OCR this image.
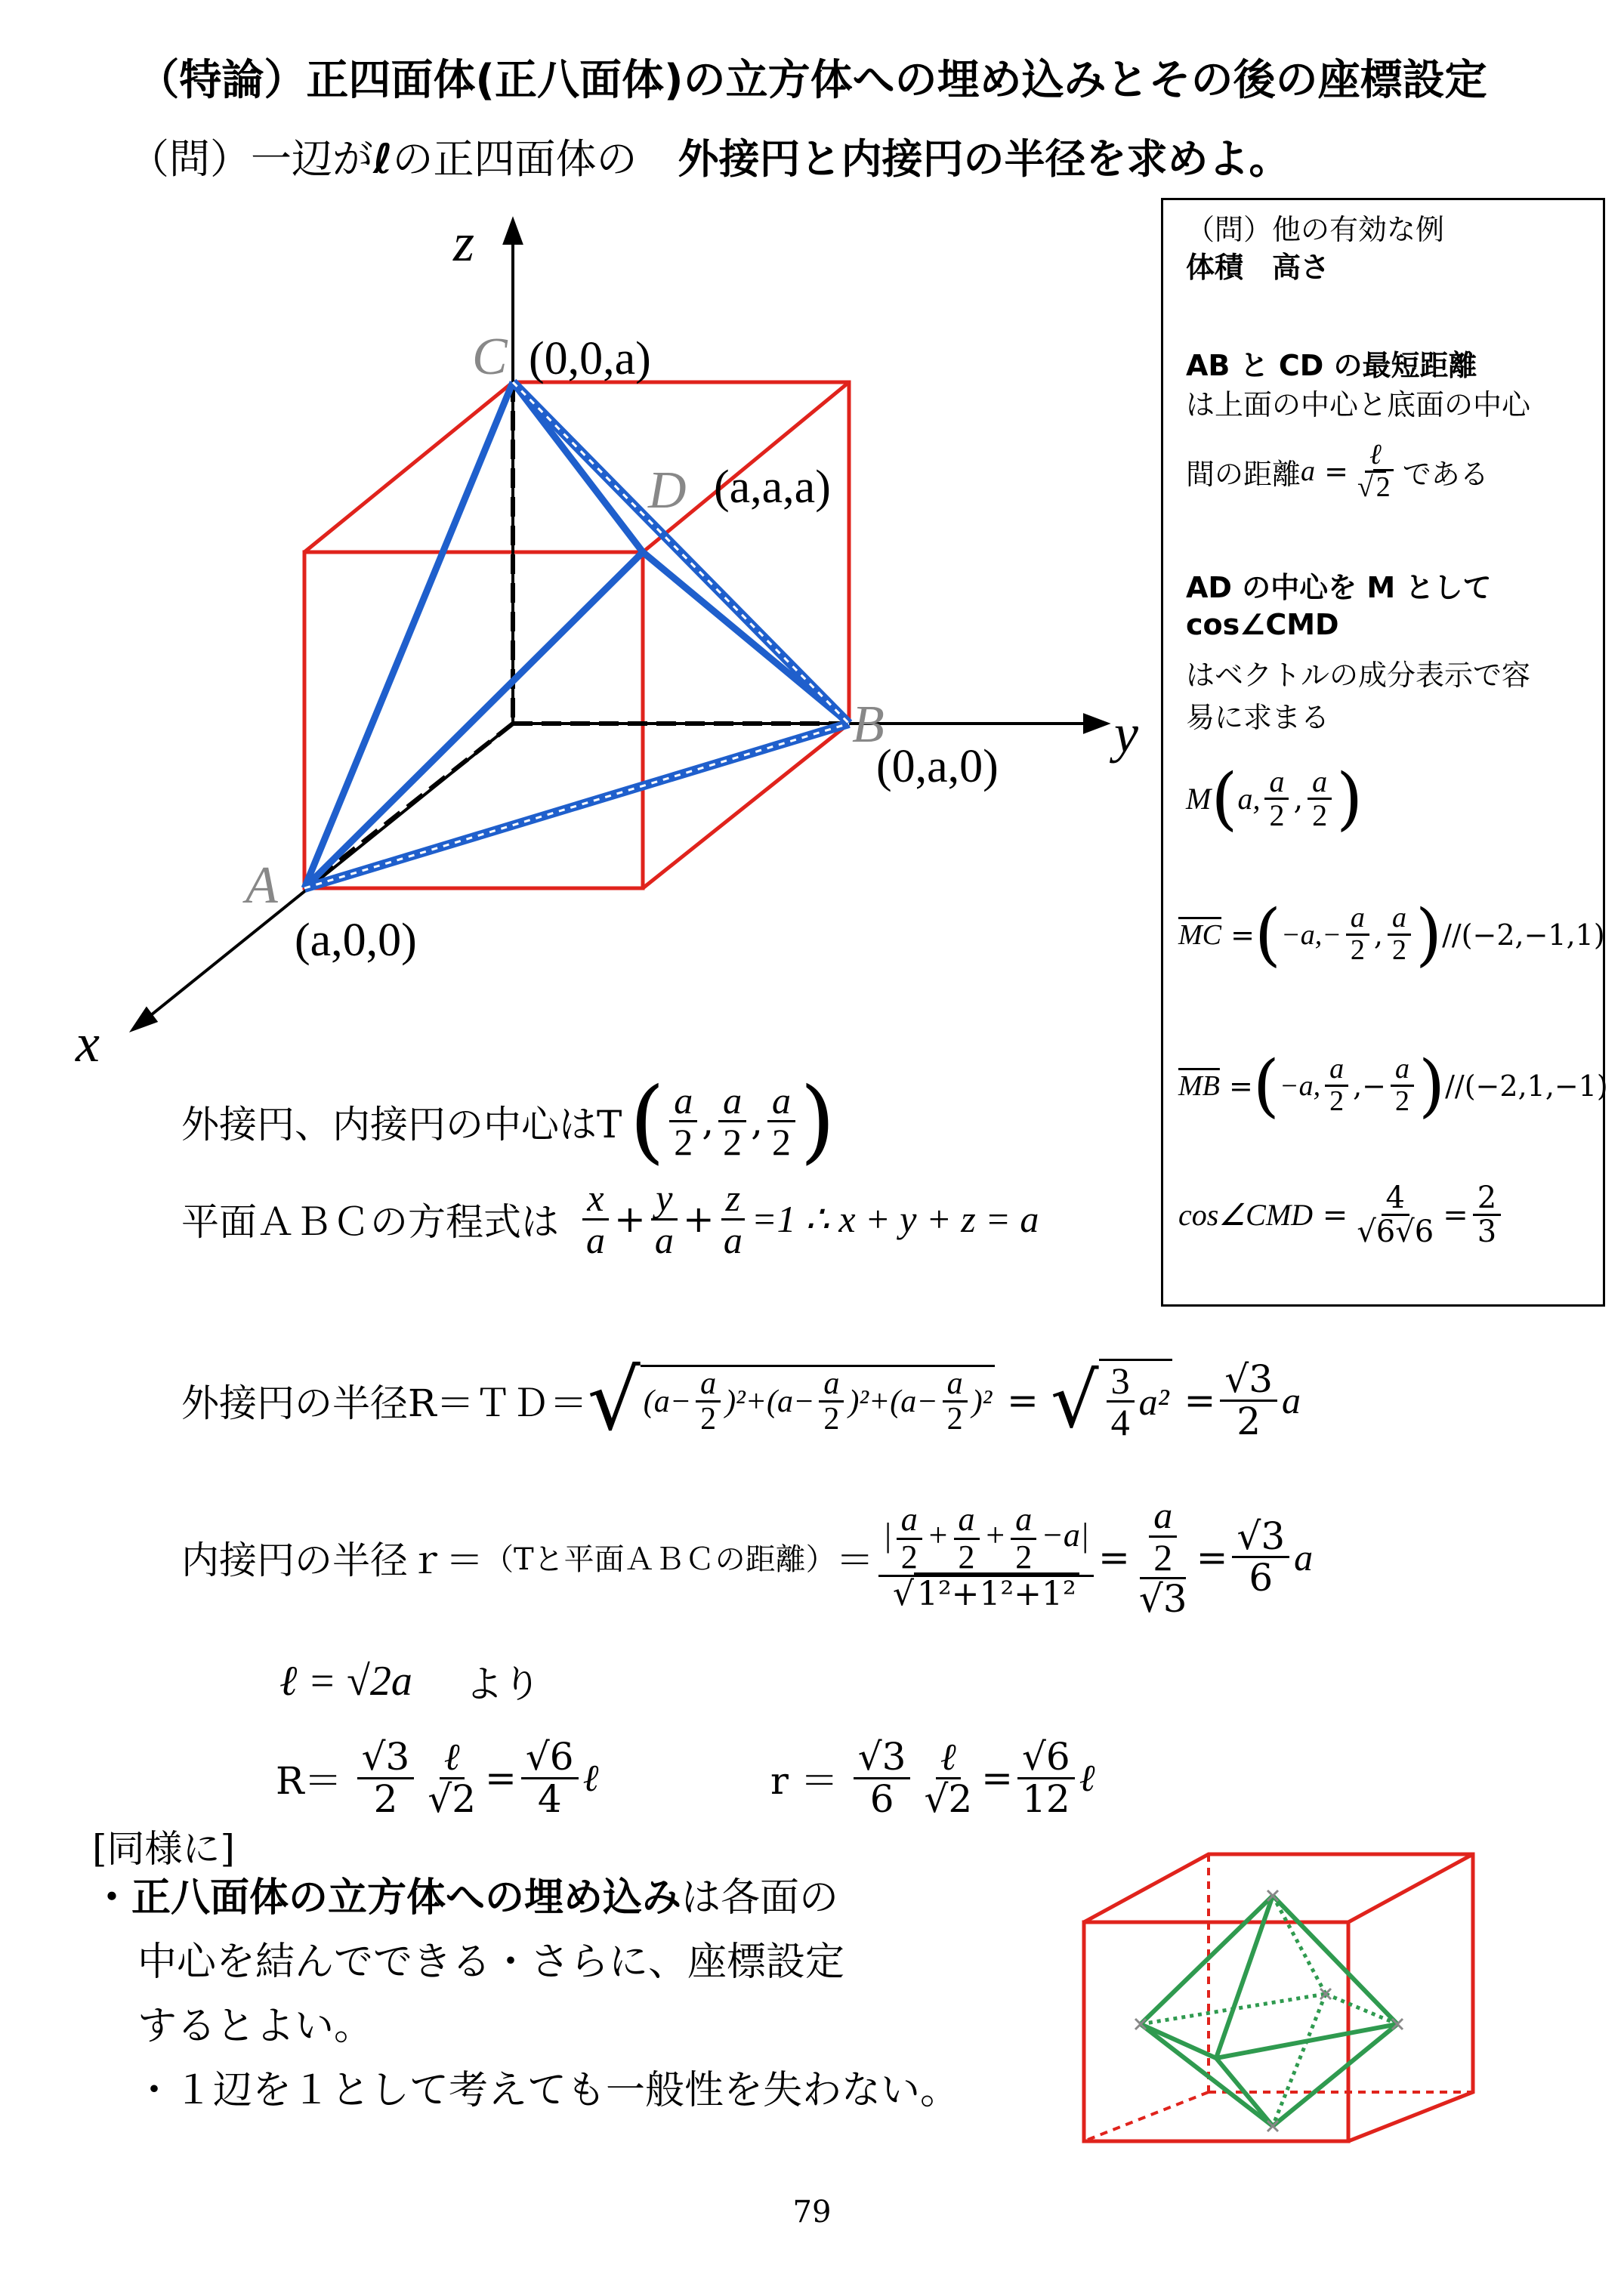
（特論）正四面体(正八面体)の立方体への埋め込みとその後の座標設定
（問）一辺がℓの正四面体の　外接円と内接円の半径を求めよ。
z
y
x
C
D
B
A
(0,0,a)
(a,a,a)
(0,a,0)
(a,0,0)
（問）他の有効な例
体積　高さ
AB と CD の最短距離
は上面の中心と底面の中心
間の距離 $a = \frac{\text{ℓ}}{√ 2}$ である
AD の中心を M として
cos∠CMD
はベクトルの成分表示で容
易に求まる
M ( a, $\frac{a}{2}$ , $\frac{a}{2}$ )
$\overline{MC}$ = ( $-a,- \frac{a}{2}$ , $\frac{a}{2}$ ) //(−2,−1,1)
$\overline{MB}$ = ( −a, $\frac{a}{2}$ ,− $\frac{a}{2}$ ) //(−2,1,−1)
cos∠CMD = $\frac{4}{√6√6} = \frac{2}{3}$
外接円、内接円の中心はT ( $\frac{a}{2}$ , $\frac{a}{2}$ , $\frac{a}{2}$ )
平面ＡＢＣの方程式は $\frac{x}{a} + \frac{y}{a} + \frac{z}{a} =1$ ∴ x + y + z = a
外接円の半径R＝ＴＤ＝ √ $(a- \frac{a}{2} )^2+(a- \frac{a}{2} )^2+(a- \frac{a}{2} )^2$ = √ $\frac{3}{4} a^2 = \frac{√3}{2}$ a
内接円の半径ｒ＝ （Tと平面ＡＢＣの距離） ＝ $\frac{| \frac{a}{2} + \frac{a}{2} + \frac{a}{2} -a|}{\text{√1²+1²+1²}} = \frac{\frac{a}{2}}{√3} = \frac{√3}{6}$ a
ℓ = √2a より
$R= \frac{√3}{2} \frac{\text{ℓ}}{√2} = \frac{√6}{4}$ ℓ	$r = \frac{√3}{6} \frac{\text{ℓ}}{√2} = \frac{√6}{12}$ ℓ
[同様に]
・正八面体の立方体への埋め込みは各面の
中心を結んでできる・さらに、座標設定
するとよい。
・１辺を１として考えても一般性を失わない。
79
